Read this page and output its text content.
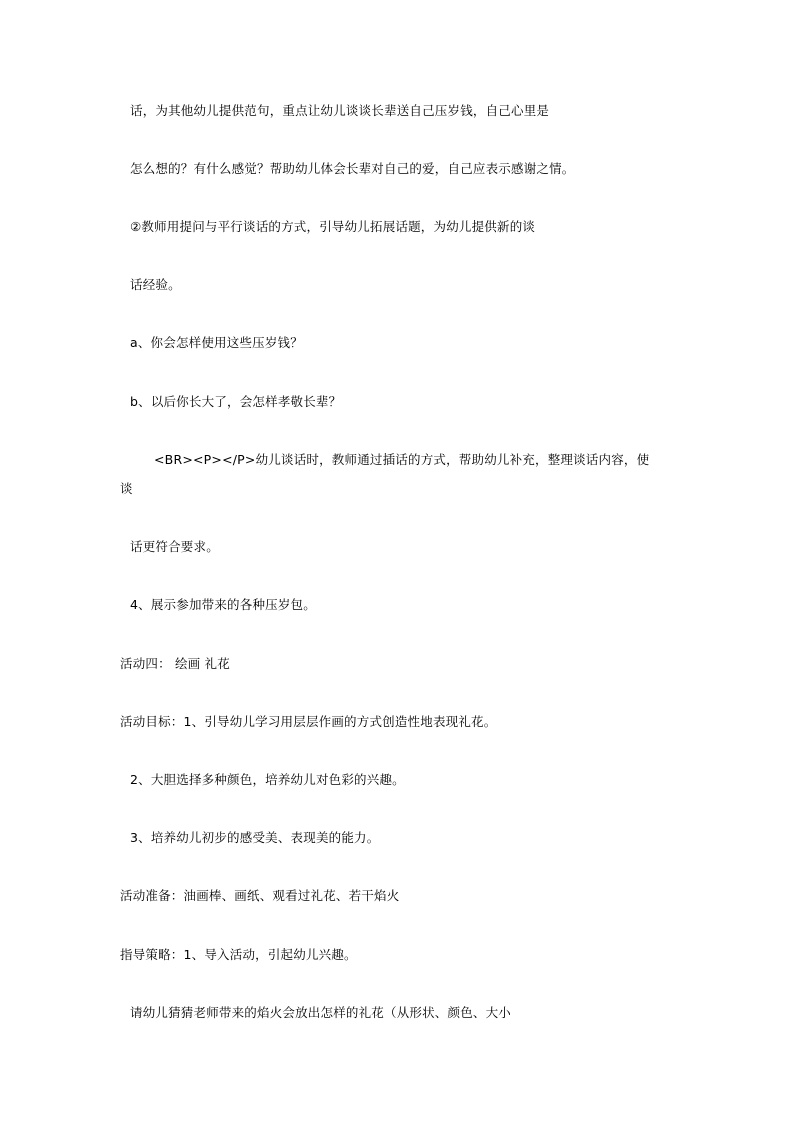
话，为其他幼儿提供范句，重点让幼儿谈谈长辈送自己压岁钱，自己心里是
怎么想的？有什么感觉？帮助幼儿体会长辈对自己的爱，自己应表示感谢之情。
②教师用提问与平行谈话的方式，引导幼儿拓展话题，为幼儿提供新的谈
话经验。
a、你会怎样使用这些压岁钱？
b、以后你长大了，会怎样孝敬长辈？
<BR><P></P>幼儿谈话时，教师通过插话的方式，帮助幼儿补充，整理谈话内容，使
谈
话更符合要求。
4、展示参加带来的各种压岁包。
活动四： 绘画 礼花
活动目标：1、引导幼儿学习用层层作画的方式创造性地表现礼花。
2、大胆选择多种颜色，培养幼儿对色彩的兴趣。
3、培养幼儿初步的感受美、表现美的能力。
活动准备：油画棒、画纸、观看过礼花、若干焰火
指导策略：1、导入活动，引起幼儿兴趣。
请幼儿猜猜老师带来的焰火会放出怎样的礼花（从形状、颜色、大小
